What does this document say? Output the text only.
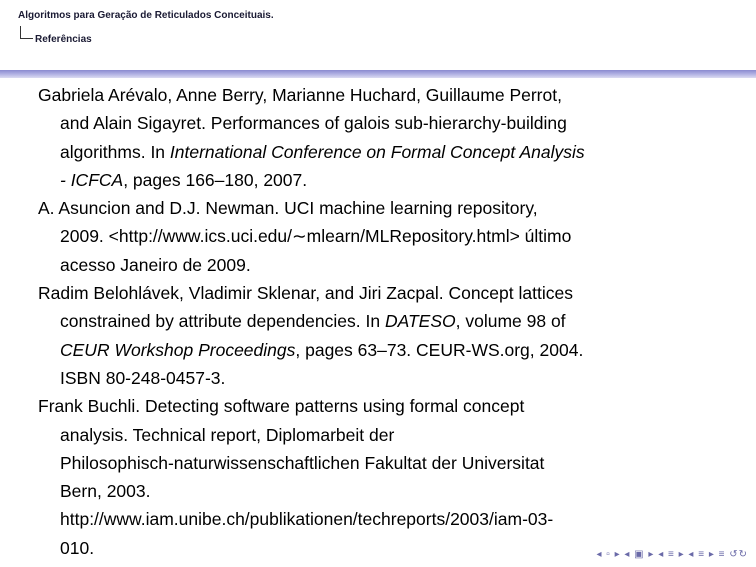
Algoritmos para Geração de Reticulados Conceituais.
Referências
Gabriela Arévalo, Anne Berry, Marianne Huchard, Guillaume Perrot,
and Alain Sigayret. Performances of galois sub-hierarchy-building
algorithms. In International Conference on Formal Concept Analysis
- ICFCA, pages 166–180, 2007.
A. Asuncion and D.J. Newman. UCI machine learning repository,
2009. <http://www.ics.uci.edu/∼mlearn/MLRepository.html> último
acesso Janeiro de 2009.
Radim Belohlávek, Vladimir Sklenar, and Jiri Zacpal. Concept lattices
constrained by attribute dependencies. In DATESO, volume 98 of
CEUR Workshop Proceedings, pages 63–73. CEUR-WS.org, 2004.
ISBN 80-248-0457-3.
Frank Buchli. Detecting software patterns using formal concept
analysis. Technical report, Diplomarbeit der
Philosophisch-naturwissenschaftlichen Fakultat der Universitat
Bern, 2003.
http://www.iam.unibe.ch/publikationen/techreports/2003/iam-03-
010.	◂ ▫ ▸ ◂ ▣ ▸ ◂ ≡ ▸ ◂ ≡ ▸ ≡ ↺↻
